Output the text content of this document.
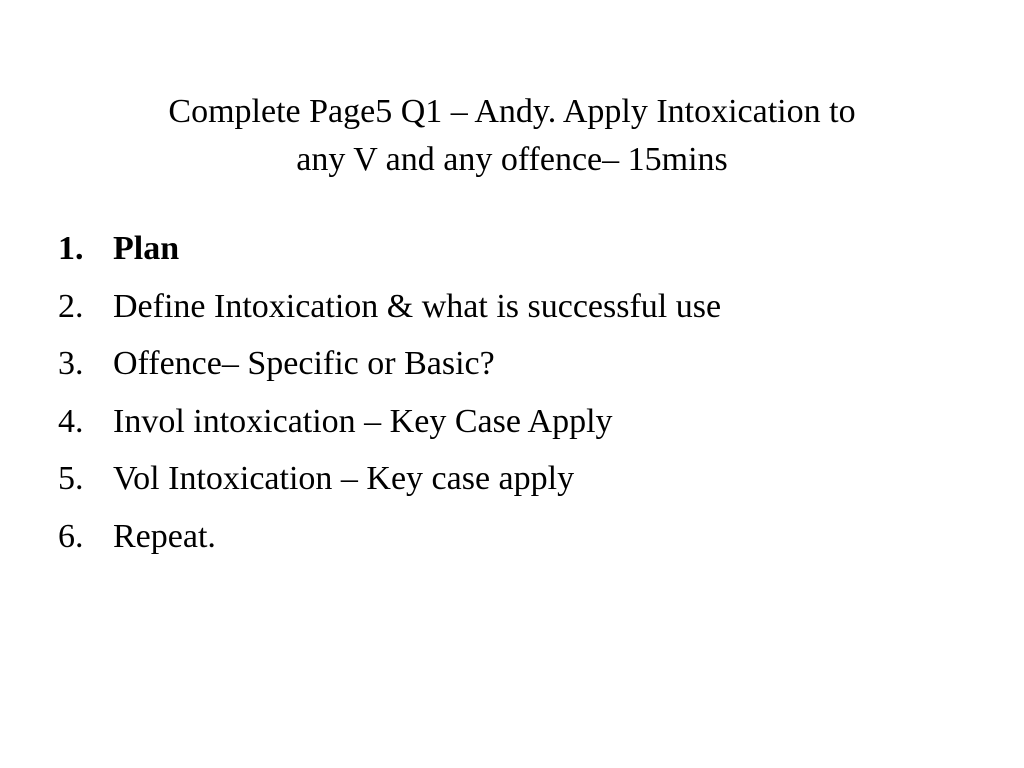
Complete Page5 Q1 – Andy. Apply Intoxication to
any V and any offence– 15mins
1. Plan
2. Define Intoxication & what is successful use
3. Offence– Specific or Basic?
4. Invol intoxication – Key Case Apply
5. Vol Intoxication – Key case apply
6. Repeat.
